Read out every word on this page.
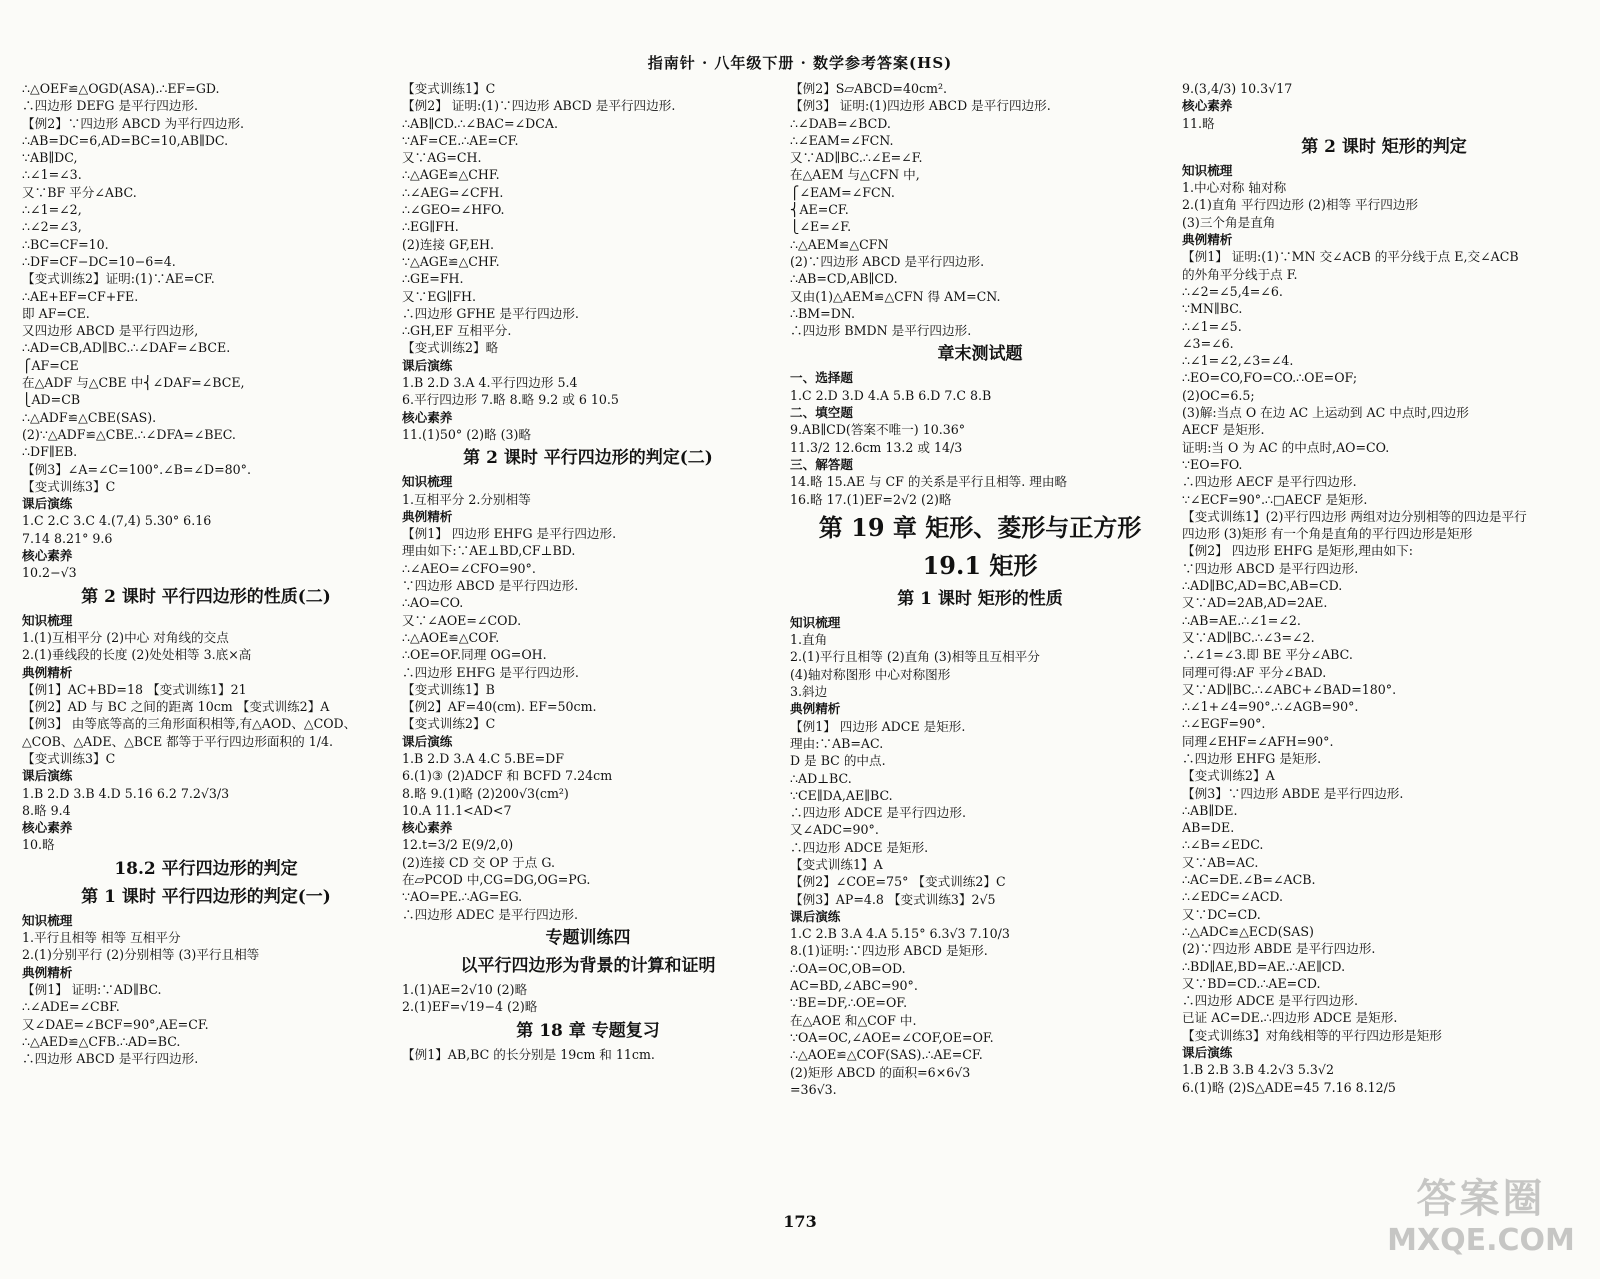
指南针 · 八年级下册 · 数学参考答案(HS)
∴△OEF≌△OGD(ASA).∴EF=GD.
∴四边形 DEFG 是平行四边形.
【例2】∵四边形 ABCD 为平行四边形.
∴AB=DC=6,AD=BC=10,AB∥DC.
∵AB∥DC,
∴∠1=∠3.
又∵BF 平分∠ABC.
∴∠1=∠2,
∴∠2=∠3,
∴BC=CF=10.
∴DF=CF−DC=10−6=4.
【变式训练2】证明:(1)∵AE=CF.
∴AE+EF=CF+FE.
即 AF=CE.
又四边形 ABCD 是平行四边形,
∴AD=CB,AD∥BC.∴∠DAF=∠BCE.
⎧AF=CE
在△ADF 与△CBE 中⎨∠DAF=∠BCE,
⎩AD=CB
∴△ADF≌△CBE(SAS).
(2)∵△ADF≌△CBE.∴∠DFA=∠BEC.
∴DF∥EB.
【例3】∠A=∠C=100°.∠B=∠D=80°.
【变式训练3】C
课后演练
1.C 2.C 3.C 4.(7,4) 5.30° 6.16
7.14 8.21° 9.6
核心素养
10.2−√3
第 2 课时 平行四边形的性质(二)
知识梳理
1.(1)互相平分 (2)中心 对角线的交点
2.(1)垂线段的长度 (2)处处相等 3.底×高
典例精析
【例1】AC+BD=18 【变式训练1】21
【例2】AD 与 BC 之间的距离 10cm 【变式训练2】A
【例3】 由等底等高的三角形面积相等,有△AOD、△COD、
△COB、△ADE、△BCE 都等于平行四边形面积的 1/4.
【变式训练3】C
课后演练
1.B 2.D 3.B 4.D 5.16 6.2 7.2√3/3
8.略 9.4
核心素养
10.略
18.2 平行四边形的判定
第 1 课时 平行四边形的判定(一)
知识梳理
1.平行且相等 相等 互相平分
2.(1)分别平行 (2)分别相等 (3)平行且相等
典例精析
【例1】 证明:∵AD∥BC.
∴∠ADE=∠CBF.
又∠DAE=∠BCF=90°,AE=CF.
∴△AED≌△CFB.∴AD=BC.
∴四边形 ABCD 是平行四边形.
【变式训练1】C
【例2】 证明:(1)∵四边形 ABCD 是平行四边形.
∴AB∥CD.∴∠BAC=∠DCA.
∵AF=CE.∴AE=CF.
又∵AG=CH.
∴△AGE≌△CHF.
∴∠AEG=∠CFH.
∴∠GEO=∠HFO.
∴EG∥FH.
(2)连接 GF,EH.
∵△AGE≌△CHF.
∴GE=FH.
又∵EG∥FH.
∴四边形 GFHE 是平行四边形.
∴GH,EF 互相平分.
【变式训练2】略
课后演练
1.B 2.D 3.A 4.平行四边形 5.4
6.平行四边形 7.略 8.略 9.2 或 6 10.5
核心素养
11.(1)50° (2)略 (3)略
第 2 课时 平行四边形的判定(二)
知识梳理
1.互相平分 2.分别相等
典例精析
【例1】 四边形 EHFG 是平行四边形.
理由如下:∵AE⊥BD,CF⊥BD.
∴∠AEO=∠CFO=90°.
∵四边形 ABCD 是平行四边形.
∴AO=CO.
又∵∠AOE=∠COD.
∴△AOE≌△COF.
∴OE=OF.同理 OG=OH.
∴四边形 EHFG 是平行四边形.
【变式训练1】B
【例2】AF=40(cm). EF=50cm.
【变式训练2】C
课后演练
1.B 2.D 3.A 4.C 5.BE=DF
6.(1)③ (2)ADCF 和 BCFD 7.24cm
8.略 9.(1)略 (2)200√3(cm²)
10.A 11.1<AD<7
核心素养
12.t=3/2 E(9/2,0)
(2)连接 CD 交 OP 于点 G.
在▱PCOD 中,CG=DG,OG=PG.
∵AO=PE.∴AG=EG.
∴四边形 ADEC 是平行四边形.
专题训练四
以平行四边形为背景的计算和证明
1.(1)AE=2√10 (2)略
2.(1)EF=√19−4 (2)略
第 18 章 专题复习
【例1】AB,BC 的长分别是 19cm 和 11cm.
【例2】S▱ABCD=40cm².
【例3】 证明:(1)四边形 ABCD 是平行四边形.
∴∠DAB=∠BCD.
∴∠EAM=∠FCN.
又∵AD∥BC.∴∠E=∠F.
在△AEM 与△CFN 中,
⎧∠EAM=∠FCN.
⎨AE=CF.
⎩∠E=∠F.
∴△AEM≌△CFN
(2)∵四边形 ABCD 是平行四边形.
∴AB=CD,AB∥CD.
又由(1)△AEM≌△CFN 得 AM=CN.
∴BM=DN.
∴四边形 BMDN 是平行四边形.
章末测试题
一、选择题
1.C 2.D 3.D 4.A 5.B 6.D 7.C 8.B
二、填空题
9.AB∥CD(答案不唯一) 10.36°
11.3/2 12.6cm 13.2 或 14/3
三、解答题
14.略 15.AE 与 CF 的关系是平行且相等. 理由略
16.略 17.(1)EF=2√2 (2)略
第 19 章 矩形、菱形与正方形
19.1 矩形
第 1 课时 矩形的性质
知识梳理
1.直角
2.(1)平行且相等 (2)直角 (3)相等且互相平分
(4)轴对称图形 中心对称图形
3.斜边
典例精析
【例1】 四边形 ADCE 是矩形.
理由:∵AB=AC.
D 是 BC 的中点.
∴AD⊥BC.
∵CE∥DA,AE∥BC.
∴四边形 ADCE 是平行四边形.
又∠ADC=90°.
∴四边形 ADCE 是矩形.
【变式训练1】A
【例2】∠COE=75° 【变式训练2】C
【例3】AP=4.8 【变式训练3】2√5
课后演练
1.C 2.B 3.A 4.A 5.15° 6.3√3 7.10/3
8.(1)证明:∵四边形 ABCD 是矩形.
∴OA=OC,OB=OD.
AC=BD,∠ABC=90°.
∵BE=DF,∴OE=OF.
在△AOE 和△COF 中.
∵OA=OC,∠AOE=∠COF,OE=OF.
∴△AOE≌△COF(SAS).∴AE=CF.
(2)矩形 ABCD 的面积=6×6√3
=36√3.
9.(3,4/3) 10.3√17
核心素养
11.略
第 2 课时 矩形的判定
知识梳理
1.中心对称 轴对称
2.(1)直角 平行四边形 (2)相等 平行四边形
(3)三个角是直角
典例精析
【例1】 证明:(1)∵MN 交∠ACB 的平分线于点 E,交∠ACB
的外角平分线于点 F.
∴∠2=∠5,4=∠6.
∵MN∥BC.
∴∠1=∠5.
∠3=∠6.
∴∠1=∠2,∠3=∠4.
∴EO=CO,FO=CO.∴OE=OF;
(2)OC=6.5;
(3)解:当点 O 在边 AC 上运动到 AC 中点时,四边形
AECF 是矩形.
证明:当 O 为 AC 的中点时,AO=CO.
∵EO=FO.
∴四边形 AECF 是平行四边形.
∵∠ECF=90°.∴□AECF 是矩形.
【变式训练1】(2)平行四边形 两组对边分别相等的四边是平行
四边形 (3)矩形 有一个角是直角的平行四边形是矩形
【例2】 四边形 EHFG 是矩形,理由如下:
∵四边形 ABCD 是平行四边形.
∴AD∥BC,AD=BC,AB=CD.
又∵AD=2AB,AD=2AE.
∴AB=AE.∴∠1=∠2.
又∵AD∥BC.∴∠3=∠2.
∴∠1=∠3.即 BE 平分∠ABC.
同理可得:AF 平分∠BAD.
又∵AD∥BC.∴∠ABC+∠BAD=180°.
∴∠1+∠4=90°.∴∠AGB=90°.
∴∠EGF=90°.
同理∠EHF=∠AFH=90°.
∴四边形 EHFG 是矩形.
【变式训练2】A
【例3】∵四边形 ABDE 是平行四边形.
∴AB∥DE.
AB=DE.
∴∠B=∠EDC.
又∵AB=AC.
∴AC=DE.∠B=∠ACB.
∴∠EDC=∠ACD.
又∵DC=CD.
∴△ADC≌△ECD(SAS)
(2)∵四边形 ABDE 是平行四边形.
∴BD∥AE,BD=AE.∴AE∥CD.
又∵BD=CD.∴AE=CD.
∴四边形 ADCE 是平行四边形.
已证 AC=DE.∴四边形 ADCE 是矩形.
【变式训练3】对角线相等的平行四边形是矩形
课后演练
1.B 2.B 3.B 4.2√3 5.3√2
6.(1)略 (2)S△ADE=45 7.16 8.12/5
173	答案圈
MXQE.COM
